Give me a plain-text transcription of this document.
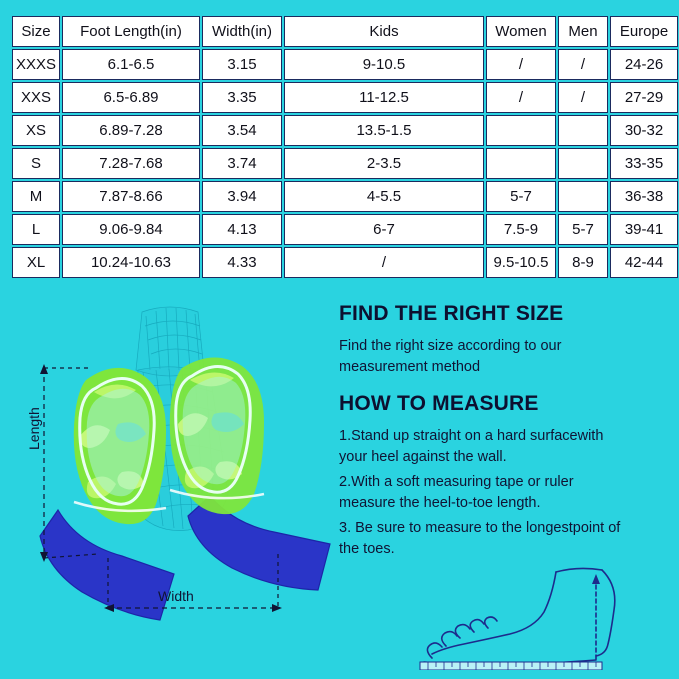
Size	Foot Length(in)	Width(in)	Kids	Women	Men	Europe
XXXS	6.1-6.5	3.15	9-10.5	/	/	24-26
XXS	6.5-6.89	3.35	11-12.5	/	/	27-29
XS	6.89-7.28	3.54	13.5-1.5			30-32
S	7.28-7.68	3.74	2-3.5			33-35
M	7.87-8.66	3.94	4-5.5	5-7		36-38
L	9.06-9.84	4.13	6-7	7.5-9	5-7	39-41
XL	10.24-10.63	4.33	/	9.5-10.5	8-9	42-44
Length
Width
FIND THE RIGHT SIZE

Find the right size according to our
measurement method

HOW TO MEASURE

1.Stand up straight on a hard surfacewith
your heel against the wall.

2.With a soft measuring tape or ruler
measure the heel-to-toe length.

3. Be sure to measure to the longestpoint of
the toes.
